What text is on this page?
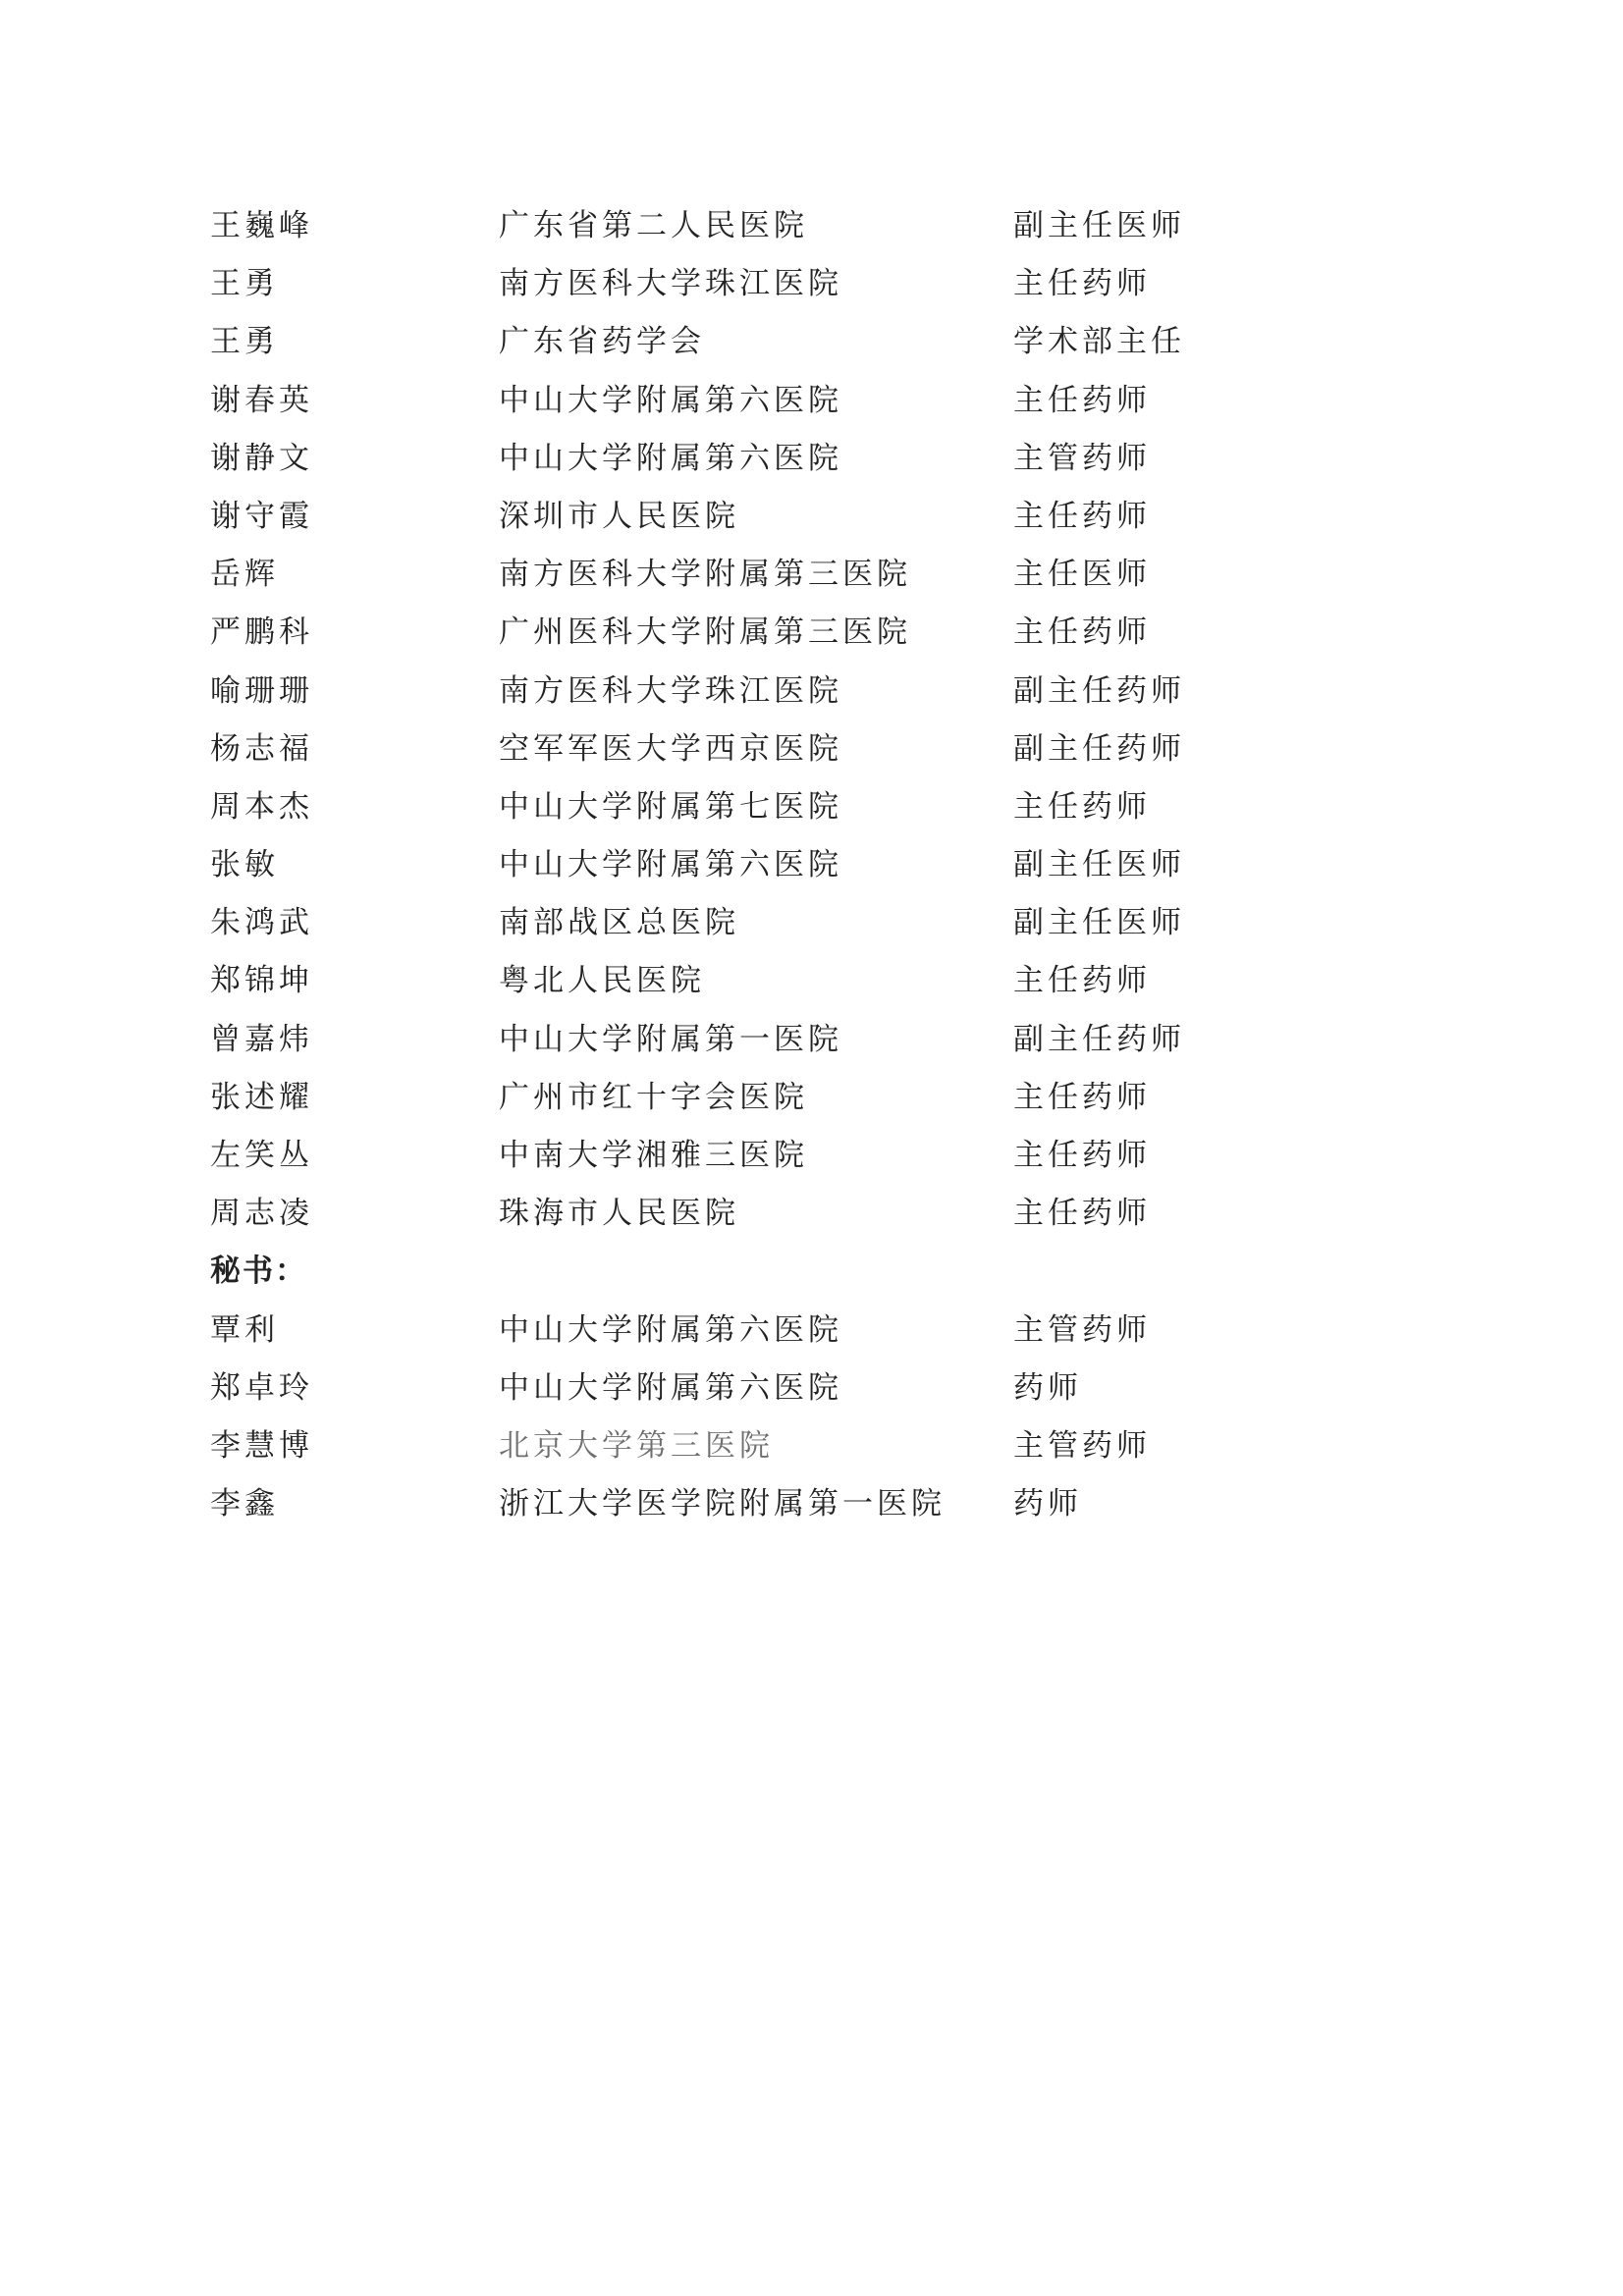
王巍峰	广东省第二人民医院	副主任医师
王勇	南方医科大学珠江医院	主任药师
王勇	广东省药学会	学术部主任
谢春英	中山大学附属第六医院	主任药师
谢静文	中山大学附属第六医院	主管药师
谢守霞	深圳市人民医院	主任药师
岳辉	南方医科大学附属第三医院	主任医师
严鹏科	广州医科大学附属第三医院	主任药师
喻珊珊	南方医科大学珠江医院	副主任药师
杨志福	空军军医大学西京医院	副主任药师
周本杰	中山大学附属第七医院	主任药师
张敏	中山大学附属第六医院	副主任医师
朱鸿武	南部战区总医院	副主任医师
郑锦坤	粤北人民医院	主任药师
曾嘉炜	中山大学附属第一医院	副主任药师
张述耀	广州市红十字会医院	主任药师
左笑丛	中南大学湘雅三医院	主任药师
周志凌	珠海市人民医院	主任药师
秘书：
覃利	中山大学附属第六医院	主管药师
郑卓玲	中山大学附属第六医院	药师
李慧博	北京大学第三医院	主管药师
李鑫	浙江大学医学院附属第一医院 药师
